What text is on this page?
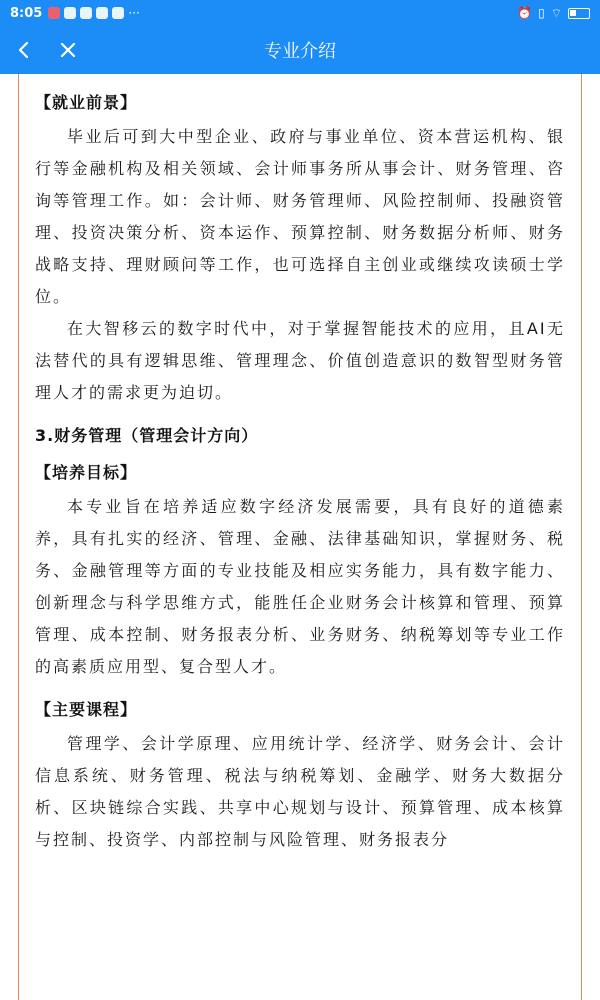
8:05	···	⏰ ▯ ⌔
专业介绍
【就业前景】

毕业后可到大中型企业、政府与事业单位、资本营运机构、银行等金融机构及相关领域、会计师事务所从事会计、财务管理、咨询等管理工作。如：会计师、财务管理师、风险控制师、投融资管理、投资决策分析、资本运作、预算控制、财务数据分析师、财务战略支持、理财顾问等工作，也可选择自主创业或继续攻读硕士学位。

在大智移云的数字时代中，对于掌握智能技术的应用，且AI无法替代的具有逻辑思维、管理理念、价值创造意识的数智型财务管理人才的需求更为迫切。

3.财务管理（管理会计方向）
【培养目标】

本专业旨在培养适应数字经济发展需要，具有良好的道德素养，具有扎实的经济、管理、金融、法律基础知识，掌握财务、税务、金融管理等方面的专业技能及相应实务能力，具有数字能力、创新理念与科学思维方式，能胜任企业财务会计核算和管理、预算管理、成本控制、财务报表分析、业务财务、纳税筹划等专业工作的高素质应用型、复合型人才。

【主要课程】

管理学、会计学原理、应用统计学、经济学、财务会计、会计信息系统、财务管理、税法与纳税筹划、金融学、财务大数据分析、区块链综合实践、共享中心规划与设计、预算管理、成本核算与控制、投资学、内部控制与风险管理、财务报表分
